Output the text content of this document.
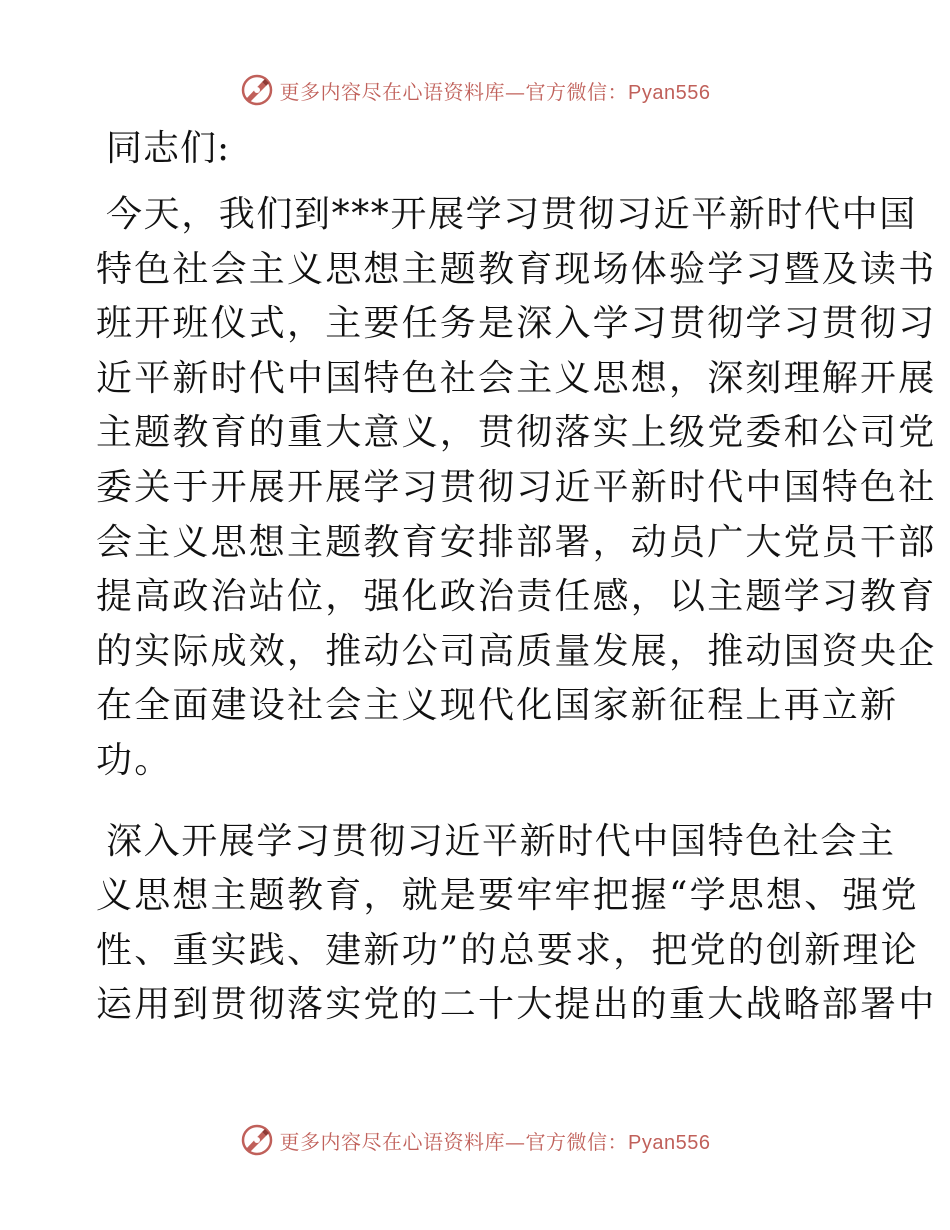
更多内容尽在心语资料库—官方微信：Pyan556
同志们:
今天，我们到***开展学习贯彻习近平新时代中国
特色社会主义思想主题教育现场体验学习暨及读书
班开班仪式，主要任务是深入学习贯彻学习贯彻习
近平新时代中国特色社会主义思想，深刻理解开展
主题教育的重大意义，贯彻落实上级党委和公司党
委关于开展开展学习贯彻习近平新时代中国特色社
会主义思想主题教育安排部署，动员广大党员干部
提高政治站位，强化政治责任感，以主题学习教育
的实际成效，推动公司高质量发展，推动国资央企
在全面建设社会主义现代化国家新征程上再立新
功。
深入开展学习贯彻习近平新时代中国特色社会主
义思想主题教育，就是要牢牢把握“学思想、强党
性、重实践、建新功”的总要求，把党的创新理论
运用到贯彻落实党的二十大提出的重大战略部署中
更多内容尽在心语资料库—官方微信：Pyan556
